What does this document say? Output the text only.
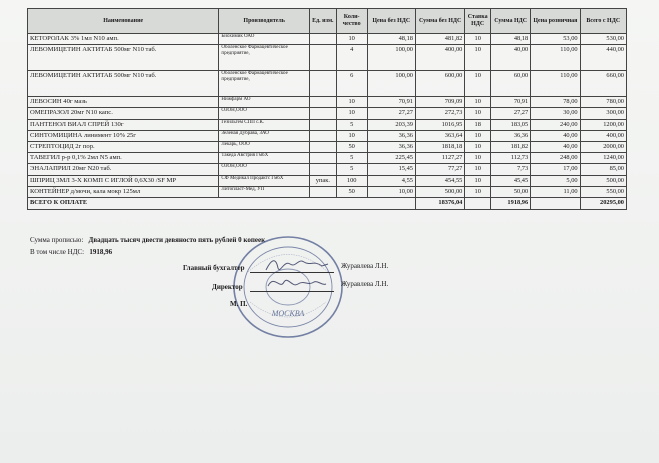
Наименование	Производитель	Ед. изм.	Коли-чество	Цена без НДС	Сумма без НДС	Ставка НДС	Сумма НДС	Цена розничная	Всего с НДС
КЕТОРОЛАК 3% 1мл N10 амп.	Биохимик ОАО		10	48,18	481,82	10	48,18	53,00	530,00
ЛЕВОМИЦЕТИН АКТИТАБ 500мг N10 таб.	Оболенское Фармацевтическое предприятие,		4	100,00	400,00	10	40,00	110,00	440,00
ЛЕВОМИЦЕТИН АКТИТАБ 500мг N10 таб.	Оболенское Фармацевтическое предприятие,		6	100,00	600,00	10	60,00	110,00	660,00
ЛЕВОСИН 40г мазь	Нижфарм АО		10	70,91	709,09	10	70,91	78,00	780,00
ОМЕПРАЗОЛ 20мг N10 капс.	ОЗОН,ООО		10	27,27	272,73	10	27,27	30,00	300,00
ПАНТЕНОЛ ВИАЛ СПРЕЙ 130г	Гезильгем СПП с.К.		5	203,39	1016,95	18	183,05	240,00	1200,00
СИНТОМИЦИНА линимент 10% 25г	Зеленая Дубрава, ЗАО		10	36,36	363,64	10	36,36	40,00	400,00
СТРЕПТОЦИД 2г пор.	Лекарь, ООО		50	36,36	1818,18	10	181,82	40,00	2000,00
ТАВЕГИЛ р-р 0,1% 2мл N5 амп.	Такеда Австрия ГмбХ		5	225,45	1127,27	10	112,73	248,00	1240,00
ЭНАЛАПРИЛ 20мг N20 таб.	ОЗОН,ООО		5	15,45	77,27	10	7,73	17,00	85,00
ШПРИЦ 3МЛ 3-Х КОМП С ИГЛОЙ 0,6X30 /SF MP	СФ Медикал Продактс ГмбХ	упак.	100	4,55	454,55	10	45,45	5,00	500,00
КОНТЕЙНЕР д/мочи, кала мокр 125мл	Литопласт-Мед, УП		50	10,00	500,00	10	50,00	11,00	550,00
ВСЕГО К ОПЛАТЕ					18376,04		1918,96		20295,00
Сумма прописью: Двадцать тысяч двести девяносто пять рублей 0 копеек
В том числе НДС: 1918,96
МОСКВА
Главный бухгалтер	Журавлева Л.Н.
Директор	Журавлева Л.Н.
М. П.
